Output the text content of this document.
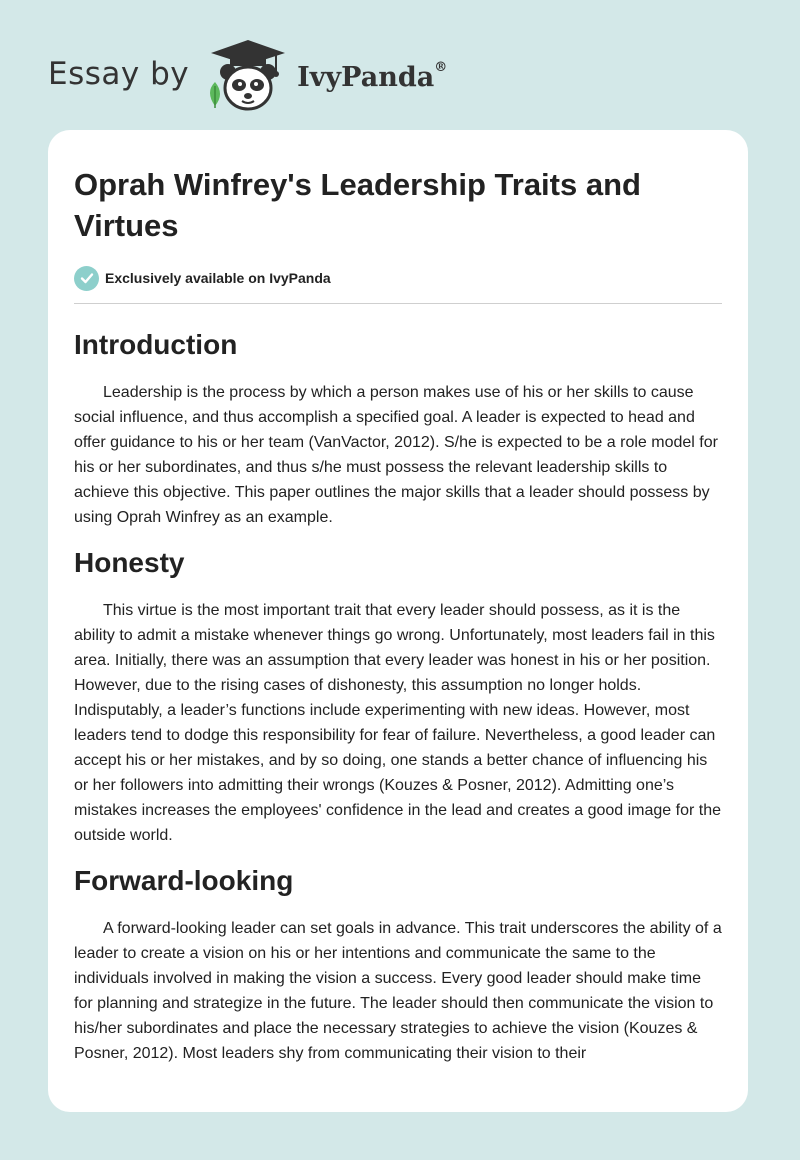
Essay by	IvyPanda®
Oprah Winfrey's Leadership Traits and Virtues
Exclusively available on IvyPanda
Introduction

Leadership is the process by which a person makes use of his or her skills to cause social influence, and thus accomplish a specified goal. A leader is expected to head and offer guidance to his or her team (VanVactor, 2012). S/he is expected to be a role model for his or her subordinates, and thus s/he must possess the relevant leadership skills to achieve this objective. This paper outlines the major skills that a leader should possess by using Oprah Winfrey as an example.

Honesty

This virtue is the most important trait that every leader should possess, as it is the ability to admit a mistake whenever things go wrong. Unfortunately, most leaders fail in this area. Initially, there was an assumption that every leader was honest in his or her position. However, due to the rising cases of dishonesty, this assumption no longer holds. Indisputably, a leader’s functions include experimenting with new ideas. However, most leaders tend to dodge this responsibility for fear of failure. Nevertheless, a good leader can accept his or her mistakes, and by so doing, one stands a better chance of influencing his or her followers into admitting their wrongs (Kouzes & Posner, 2012). Admitting one’s mistakes increases the employees' confidence in the lead and creates a good image for the outside world.

Forward-looking

A forward-looking leader can set goals in advance. This trait underscores the ability of a leader to create a vision on his or her intentions and communicate the same to the individuals involved in making the vision a success. Every good leader should make time for planning and strategize in the future. The leader should then communicate the vision to his/her subordinates and place the necessary strategies to achieve the vision (Kouzes & Posner, 2012). Most leaders shy from communicating their vision to their
